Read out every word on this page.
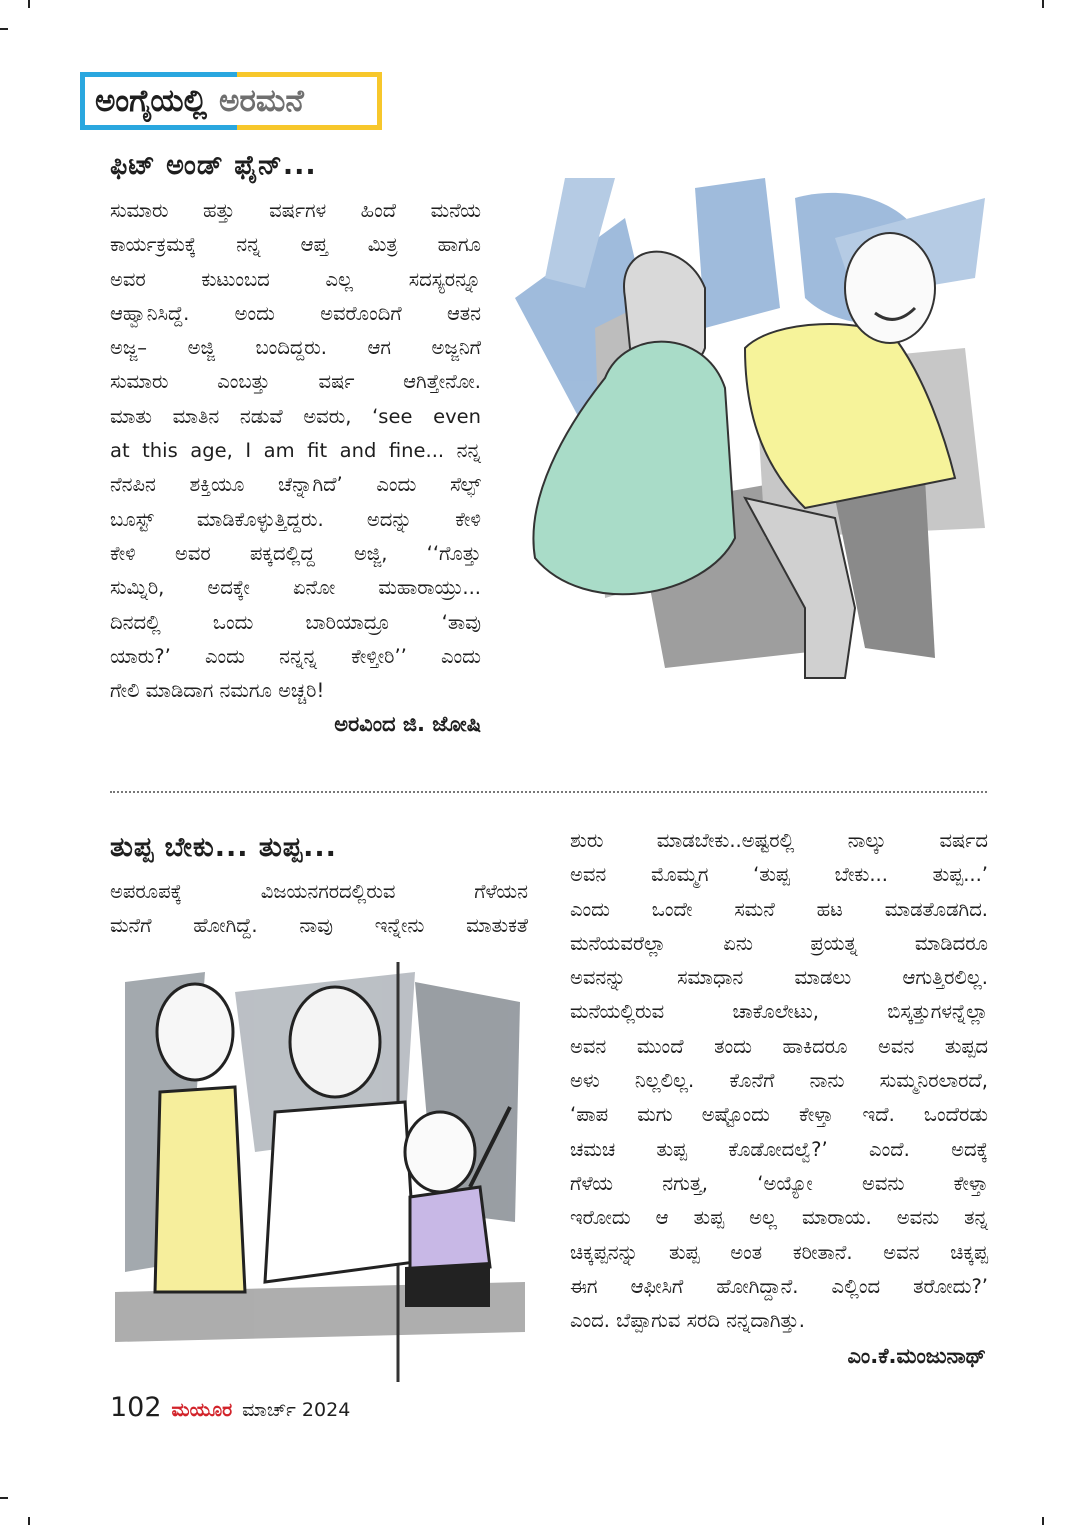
ಅಂಗೈಯಲ್ಲಿ ಅರಮನೆ
ಫಿಟ್ ಅಂಡ್ ಫೈನ್...
ಸುಮಾರು ಹತ್ತು ವರ್ಷಗಳ ಹಿಂದೆ ಮನೆಯ
ಕಾರ್ಯಕ್ರಮಕ್ಕೆ ನನ್ನ ಆಪ್ತ ಮಿತ್ರ ಹಾಗೂ
ಅವರ ಕುಟುಂಬದ ಎಲ್ಲ ಸದಸ್ಯರನ್ನೂ
ಆಹ್ವಾನಿಸಿದ್ದೆ. ಅಂದು ಅವರೊಂದಿಗೆ ಆತನ
ಅಜ್ಜ– ಅಜ್ಜಿ ಬಂದಿದ್ದರು. ಆಗ ಅಜ್ಜನಿಗೆ
ಸುಮಾರು ಎಂಬತ್ತು ವರ್ಷ ಆಗಿತ್ತೇನೋ.
ಮಾತು ಮಾತಿನ ನಡುವೆ ಅವರು, ‘see even
at this age, I am fit and fine... ನನ್ನ
ನೆನಪಿನ ಶಕ್ತಿಯೂ ಚೆನ್ನಾಗಿದೆ’ ಎಂದು ಸೆಲ್ಫ್
ಬೂಸ್ಟ್ ಮಾಡಿಕೊಳ್ಳುತ್ತಿದ್ದರು. ಅದನ್ನು ಕೇಳಿ
ಕೇಳಿ ಅವರ ಪಕ್ಕದಲ್ಲಿದ್ದ ಅಜ್ಜಿ, ‘‘ಗೊತ್ತು
ಸುಮ್ನಿರಿ, ಅದಕ್ಕೇ ಏನೋ ಮಹಾರಾಯ್ರು...
ದಿನದಲ್ಲಿ ಒಂದು ಬಾರಿಯಾದ್ರೂ ‘ತಾವು
ಯಾರು?’ ಎಂದು ನನ್ನನ್ನ ಕೇಳ್ತೀರಿ’’ ಎಂದು
ಗೇಲಿ ಮಾಡಿದಾಗ ನಮಗೂ ಅಚ್ಚರಿ!
ಅರವಿಂದ ಜಿ. ಜೋಷಿ
ತುಪ್ಪ ಬೇಕು... ತುಪ್ಪ...
ಅಪರೂಪಕ್ಕೆ ವಿಜಯನಗರದಲ್ಲಿರುವ ಗೆಳೆಯನ
ಮನೆಗೆ ಹೋಗಿದ್ದೆ. ನಾವು ಇನ್ನೇನು ಮಾತುಕತೆ
ಶುರು ಮಾಡಬೇಕು..ಅಷ್ಟರಲ್ಲಿ ನಾಲ್ಕು ವರ್ಷದ
ಅವನ ಮೊಮ್ಮಗ ‘ತುಪ್ಪ ಬೇಕು... ತುಪ್ಪ...’
ಎಂದು ಒಂದೇ ಸಮನೆ ಹಟ ಮಾಡತೊಡಗಿದ.
ಮನೆಯವರೆಲ್ಲಾ ಏನು ಪ್ರಯತ್ನ ಮಾಡಿದರೂ
ಅವನನ್ನು ಸಮಾಧಾನ ಮಾಡಲು ಆಗುತ್ತಿರಲಿಲ್ಲ.
ಮನೆಯಲ್ಲಿರುವ ಚಾಕೊಲೇಟು, ಬಿಸ್ಕತ್ತುಗಳನ್ನೆಲ್ಲಾ
ಅವನ ಮುಂದೆ ತಂದು ಹಾಕಿದರೂ ಅವನ ತುಪ್ಪದ
ಅಳು ನಿಲ್ಲಲಿಲ್ಲ. ಕೊನೆಗೆ ನಾನು ಸುಮ್ಮನಿರಲಾರದೆ,
‘ಪಾಪ ಮಗು ಅಷ್ಟೊಂದು ಕೇಳ್ತಾ ಇದೆ. ಒಂದೆರಡು
ಚಮಚ ತುಪ್ಪ ಕೊಡೋದಲ್ವೆ?’ ಎಂದೆ. ಅದಕ್ಕೆ
ಗೆಳೆಯ ನಗುತ್ತ, ‘ಅಯ್ಯೋ ಅವನು ಕೇಳ್ತಾ
ಇರೋದು ಆ ತುಪ್ಪ ಅಲ್ಲ ಮಾರಾಯ. ಅವನು ತನ್ನ
ಚಿಕ್ಕಪ್ಪನನ್ನು ತುಪ್ಪ ಅಂತ ಕರೀತಾನೆ. ಅವನ ಚಿಕ್ಕಪ್ಪ
ಈಗ ಆಫೀಸಿಗೆ ಹೋಗಿದ್ದಾನೆ. ಎಲ್ಲಿಂದ ತರೋದು?’
ಎಂದ. ಬೆಪ್ಪಾಗುವ ಸರದಿ ನನ್ನದಾಗಿತ್ತು.
ಎಂ.ಕೆ.ಮಂಜುನಾಥ್
102 ಮಯೂರ ಮಾರ್ಚ್ 2024
